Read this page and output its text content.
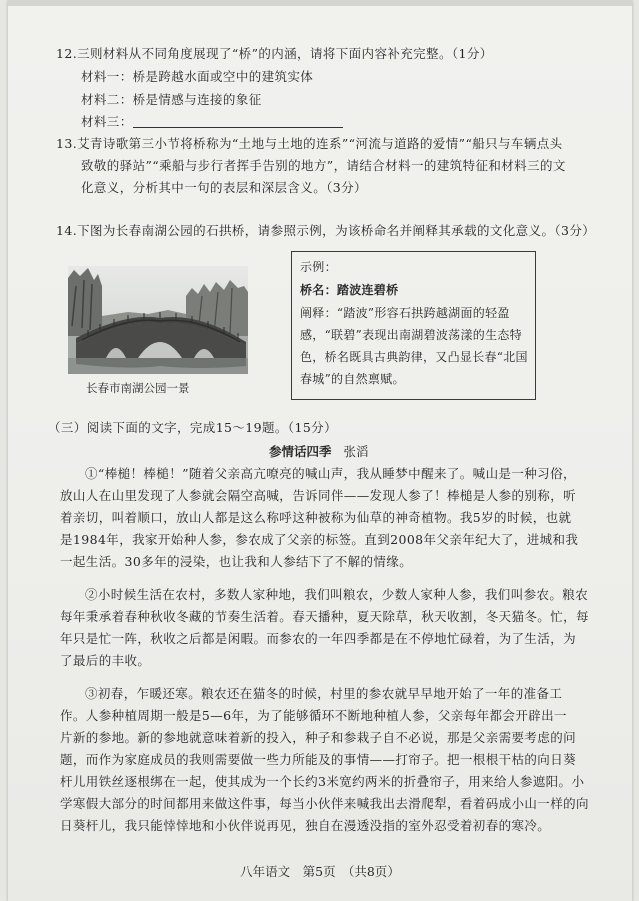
12.三则材料从不同角度展现了“桥”的内涵，请将下面内容补充完整。（1分）
材料一：桥是跨越水面或空中的建筑实体
材料二：桥是情感与连接的象征
材料三：
13.艾青诗歌第三小节将桥称为“土地与土地的连系”“河流与道路的爱情”“船只与车辆点头
致敬的驿站”“乘船与步行者挥手告别的地方”，请结合材料一的建筑特征和材料三的文
化意义，分析其中一句的表层和深层含义。（3分）
14.下图为长春南湖公园的石拱桥，请参照示例，为该桥命名并阐释其承载的文化意义。（3分）
长春市南湖公园一景
示例：
桥名：踏波连碧桥
阐释：“踏波”形容石拱跨越湖面的轻盈
感，“联碧”表现出南湖碧波荡漾的生态特
色，桥名既具古典韵律，又凸显长春“北国
春城”的自然禀赋。
（三）阅读下面的文字，完成15～19题。（15分）
参情话四季 张滔
①“棒槌！棒槌！”随着父亲高亢嘹亮的喊山声，我从睡梦中醒来了。喊山是一种习俗，
放山人在山里发现了人参就会隔空高喊，告诉同伴——发现人参了！棒槌是人参的别称，听
着亲切，叫着顺口，放山人都是这么称呼这种被称为仙草的神奇植物。我5岁的时候，也就
是1984年，我家开始种人参，参农成了父亲的标签。直到2008年父亲年纪大了，进城和我
一起生活。30多年的浸染，也让我和人参结下了不解的情缘。
②小时候生活在农村，多数人家种地，我们叫粮农，少数人家种人参，我们叫参农。粮农
每年秉承着春种秋收冬藏的节奏生活着。春天播种，夏天除草，秋天收割，冬天猫冬。忙，每
年只是忙一阵，秋收之后都是闲暇。而参农的一年四季都是在不停地忙碌着，为了生活，为
了最后的丰收。
③初春，乍暖还寒。粮农还在猫冬的时候，村里的参农就早早地开始了一年的准备工
作。人参种植周期一般是5—6年，为了能够循环不断地种植人参，父亲每年都会开辟出一
片新的参地。新的参地就意味着新的投入，种子和参栽子自不必说，那是父亲需要考虑的问
题，而作为家庭成员的我则需要做一些力所能及的事情——打帘子。把一根根干枯的向日葵
杆儿用铁丝逐根绑在一起，使其成为一个长约3米宽约两米的折叠帘子，用来给人参遮阳。小
学寒假大部分的时间都用来做这件事，每当小伙伴来喊我出去滑爬犁，看着码成小山一样的向
日葵杆儿，我只能悻悻地和小伙伴说再见，独自在漫透没指的室外忍受着初春的寒冷。
八年语文　第5页　（共8页）
